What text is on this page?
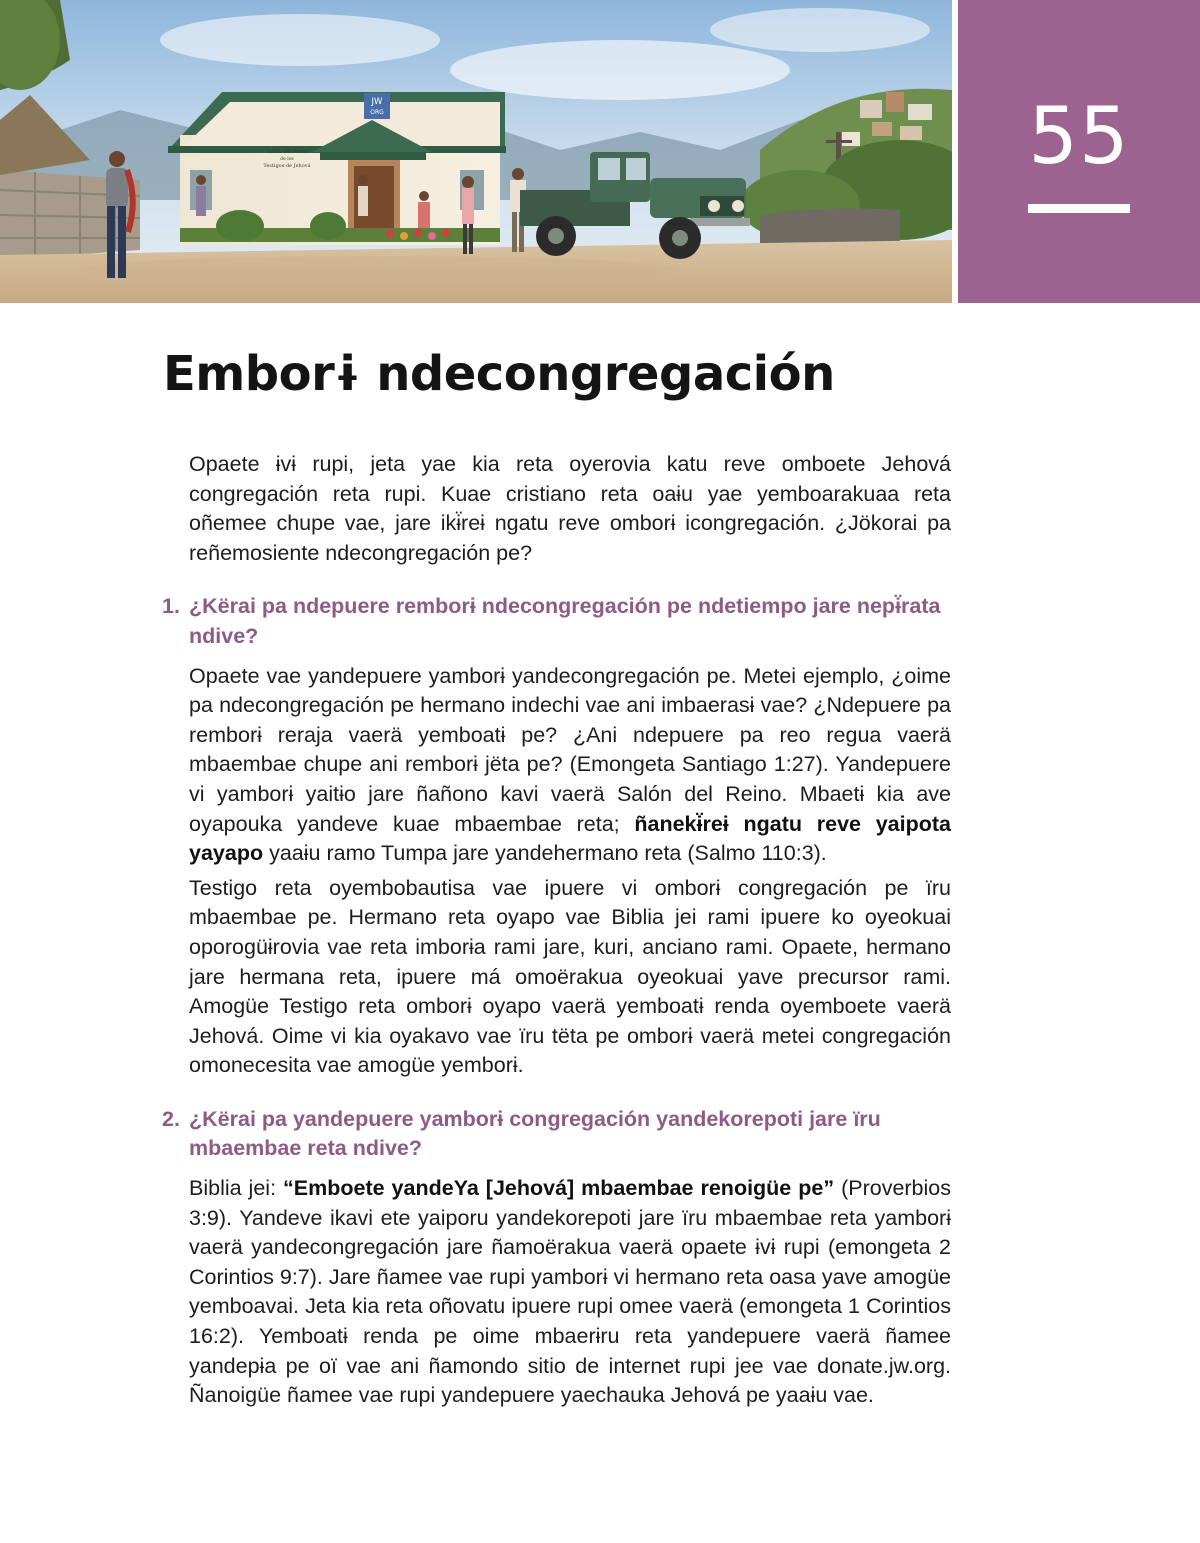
JW
ORG
Salón del Reino
de los
Testigos de Jehová	55
Emborɨ ndecongregación

Opaete ɨvɨ rupi, jeta yae kia reta oyerovia katu reve omboete Jehová congregación reta rupi. Kuae cristiano reta oaɨu yae yemboarakuaa reta oñemee chupe vae, jare ikɨ̈reɨ ngatu reve omborɨ icongregación. ¿Jökorai pa reñemosiente ndecongregación pe?

1. ¿Kërai pa ndepuere remborɨ ndecongregación pe ndetiempo jare nepɨ̈rata ndive?

Opaete vae yandepuere yamborɨ yandecongregación pe. Metei ejemplo, ¿oime pa ndecongregación pe hermano indechi vae ani imbaerasɨ vae? ¿Ndepuere pa remborɨ reraja vaerä yemboatɨ pe? ¿Ani ndepuere pa reo regua vaerä mbaembae chupe ani remborɨ jëta pe? (Emongeta Santiago 1:27). Yandepuere vi yamborɨ yaitɨo jare ñañono kavi vaerä Salón del Reino. Mbaetɨ kia ave oyapouka yandeve kuae mbaembae reta; ñanekɨ̈reɨ ngatu reve yaipota yayapo yaaɨu ramo Tumpa jare yandehermano reta (Salmo 110:3).

Testigo reta oyembobautisa vae ipuere vi omborɨ congregación pe ïru mbaembae pe. Hermano reta oyapo vae Biblia jei rami ipuere ko oyeokuai oporogüɨrovia vae reta imborɨa rami jare, kuri, anciano rami. Opaete, hermano jare hermana reta, ipuere má omoërakua oyeokuai yave precursor rami. Amogüe Testigo reta omborɨ oyapo vaerä yemboatɨ renda oyemboete vaerä Jehová. Oime vi kia oyakavo vae ïru tëta pe omborɨ vaerä metei congregación omonecesita vae amogüe yemborɨ.

2. ¿Kërai pa yandepuere yamborɨ congregación yandekorepoti jare ïru mbaembae reta ndive?

Biblia jei: “Emboete yandeYa [Jehová] mbaembae renoigüe pe” (Proverbios 3:9). Yandeve ikavi ete yaiporu yandekorepoti jare ïru mbaembae reta yamborɨ vaerä yandecongregación jare ñamoërakua vaerä opaete ɨvɨ rupi (emongeta 2 Corintios 9:7). Jare ñamee vae rupi yamborɨ vi hermano reta oasa yave amogüe yemboavai. Jeta kia reta oñovatu ipuere rupi omee vaerä (emongeta 1 Corintios 16:2). Yemboatɨ renda pe oime mbaerɨru reta yandepuere vaerä ñamee yandepɨa pe oï vae ani ñamondo sitio de internet rupi jee vae donate.jw.org. Ñanoigüe ñamee vae rupi yandepuere yaechauka Jehová pe yaaɨu vae.
